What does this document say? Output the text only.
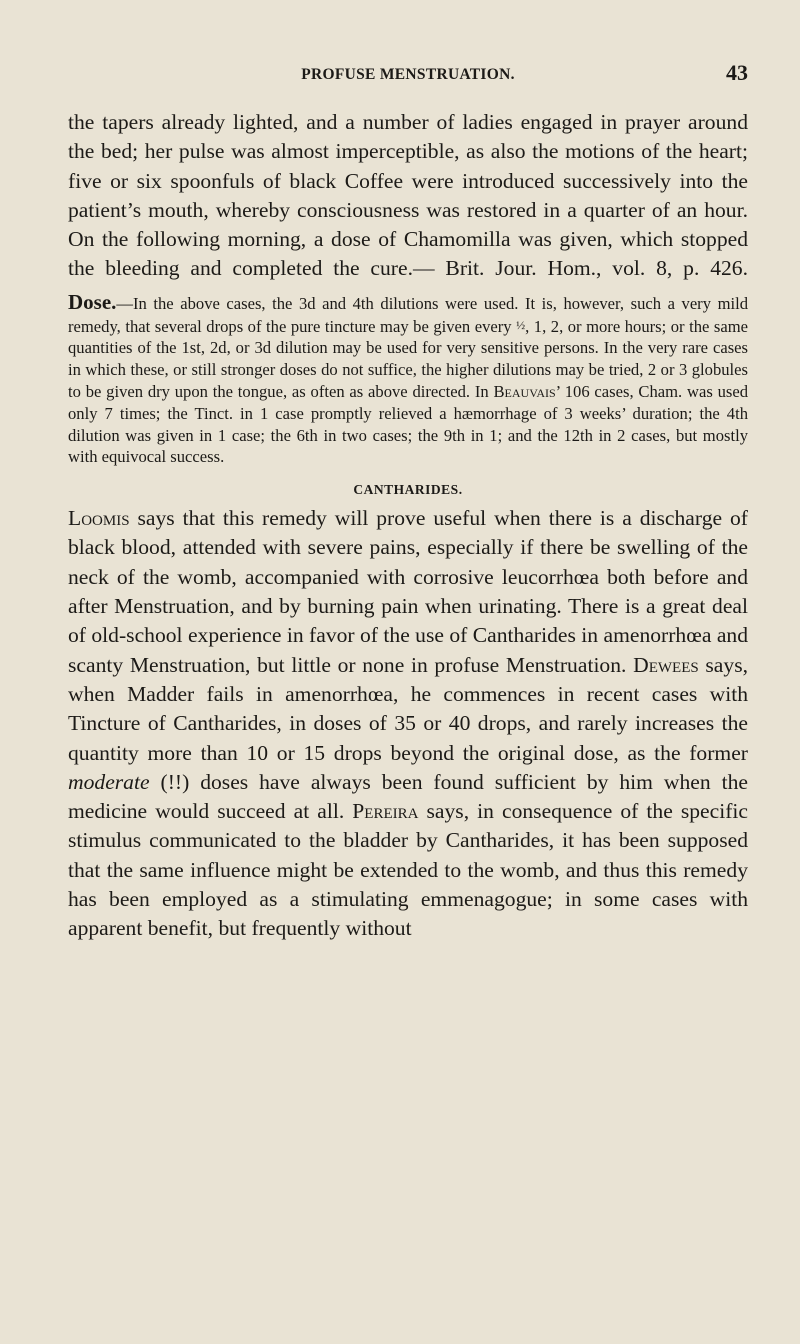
PROFUSE MENSTRUATION.	43

the tapers already lighted, and a number of ladies engaged in prayer around the bed; her pulse was almost imperceptible, as also the motions of the heart; five or six spoonfuls of black Coffee were introduced successively into the patient’s mouth, whereby consciousness was restored in a quarter of an hour. On the following morning, a dose of Chamomilla was given, which stopped the bleeding and completed the cure.— Brit. Jour. Hom., vol. 8, p. 426.

Dose.—In the above cases, the 3d and 4th dilutions were used. It is, however, such a very mild remedy, that several drops of the pure tincture may be given every ½, 1, 2, or more hours; or the same quantities of the 1st, 2d, or 3d dilution may be used for very sensitive persons. In the very rare cases in which these, or still stronger doses do not suffice, the higher dilutions may be tried, 2 or 3 globules to be given dry upon the tongue, as often as above directed. In Beauvais’ 106 cases, Cham. was used only 7 times; the Tinct. in 1 case promptly relieved a hæmorrhage of 3 weeks’ duration; the 4th dilution was given in 1 case; the 6th in two cases; the 9th in 1; and the 12th in 2 cases, but mostly with equivocal success.

CANTHARIDES.

Loomis says that this remedy will prove useful when there is a discharge of black blood, attended with severe pains, especially if there be swelling of the neck of the womb, accompanied with corrosive leucorrhœa both before and after Menstruation, and by burning pain when urinating. There is a great deal of old-school experience in favor of the use of Cantharides in amenorrhœa and scanty Menstruation, but little or none in profuse Menstruation. Dewees says, when Madder fails in amenorrhœa, he commences in recent cases with Tincture of Cantharides, in doses of 35 or 40 drops, and rarely increases the quantity more than 10 or 15 drops beyond the original dose, as the former moderate (!!) doses have always been found sufficient by him when the medicine would succeed at all. Pereira says, in consequence of the specific stimulus communicated to the bladder by Cantharides, it has been supposed that the same influence might be extended to the womb, and thus this remedy has been employed as a stimulating emmenagogue; in some cases with apparent benefit, but frequently without
